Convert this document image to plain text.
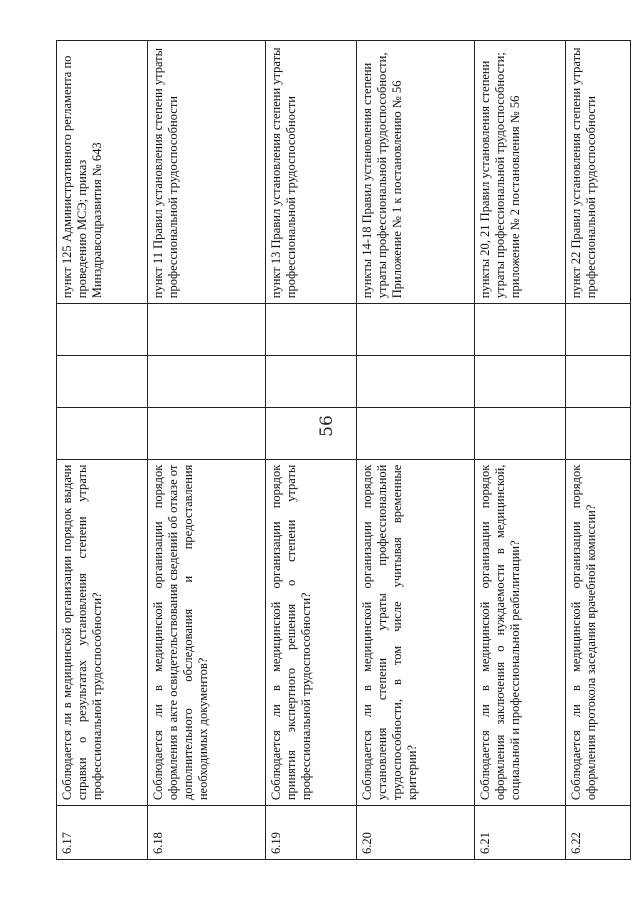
56
6.17	Соблюдается ли в медицинской организации порядок выдачи справки о результатах установления степени утраты профессиональной трудоспособности?				пункт 125 Административного регламента по проведению МСЭ; приказ Минздравсоцразвития № 643
6.18	Соблюдается ли в медицинской организации порядок оформления в акте освидетельствования сведений об отказе от дополнительного обследования и предоставления необходимых документов?				пункт 11 Правил установления степени утраты профессиональной трудоспособности
6.19	Соблюдается ли в медицинской организации порядок принятия экспертного решения о степени утраты профессиональной трудоспособности?				пункт 13 Правил установления степени утраты профессиональной трудоспособности
6.20	Соблюдается ли в медицинской организации порядок установления степени утраты профессиональной трудоспособности, в том числе учитывая временные критерии?				пункты 14-18 Правил установления степени утраты профессиональной трудоспособности, Приложение № 1 к постановлению № 56
6.21	Соблюдается ли в медицинской организации порядок оформления заключения о нуждаемости в медицинской, социальной и профессиональной реабилитации?				пункты 20, 21 Правил установления степени утраты профессиональной трудоспособности; приложение № 2 постановления № 56
6.22	Соблюдается ли в медицинской организации порядок оформления протокола заседания врачебной комиссии?				пункт 22 Правил установления степени утраты профессиональной трудоспособности
